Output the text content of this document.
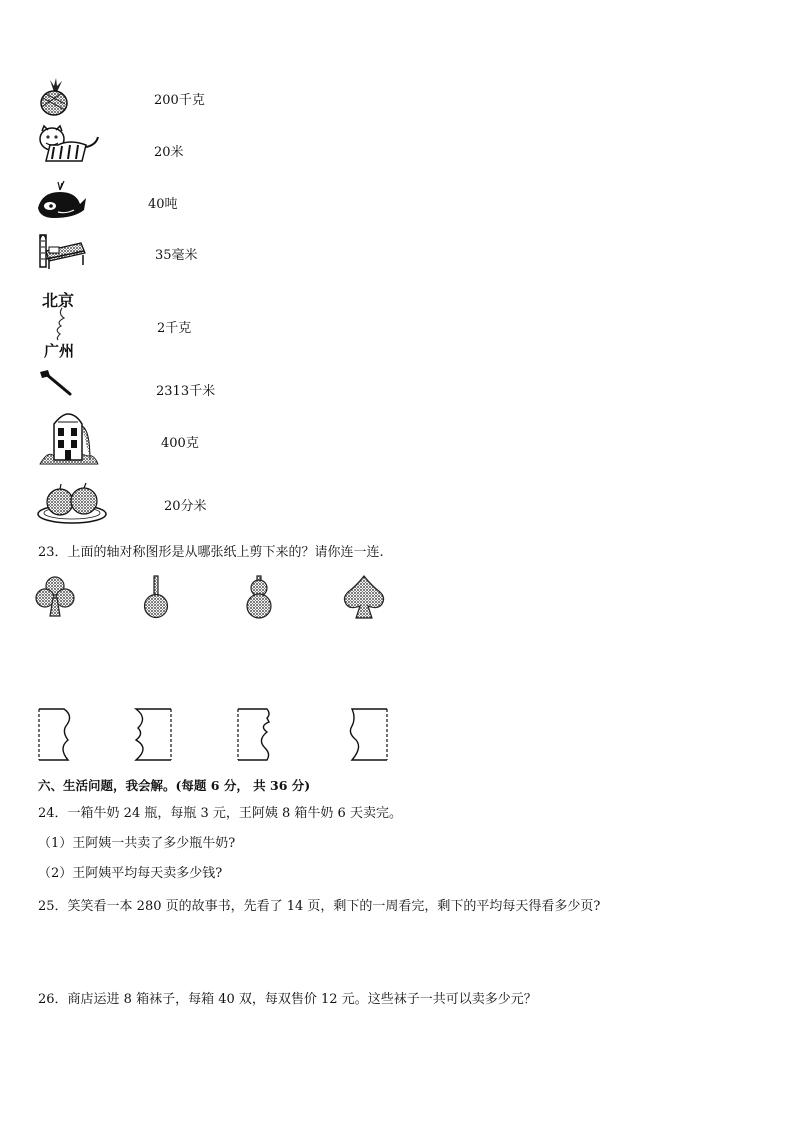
200千克
20米
40吨
35毫米
北京
广州
2千克
2313千米
400克
20分米
23．上面的轴对称图形是从哪张纸上剪下来的？请你连一连.
六、生活问题，我会解。(每题 6 分， 共 36 分)
24．一箱牛奶 24 瓶，每瓶 3 元，王阿姨 8 箱牛奶 6 天卖完。
（1）王阿姨一共卖了多少瓶牛奶?
（2）王阿姨平均每天卖多少钱?
25．笑笑看一本 280 页的故事书，先看了 14 页，剩下的一周看完，剩下的平均每天得看多少页?
26．商店运进 8 箱袜子，每箱 40 双，每双售价 12 元。这些袜子一共可以卖多少元？
